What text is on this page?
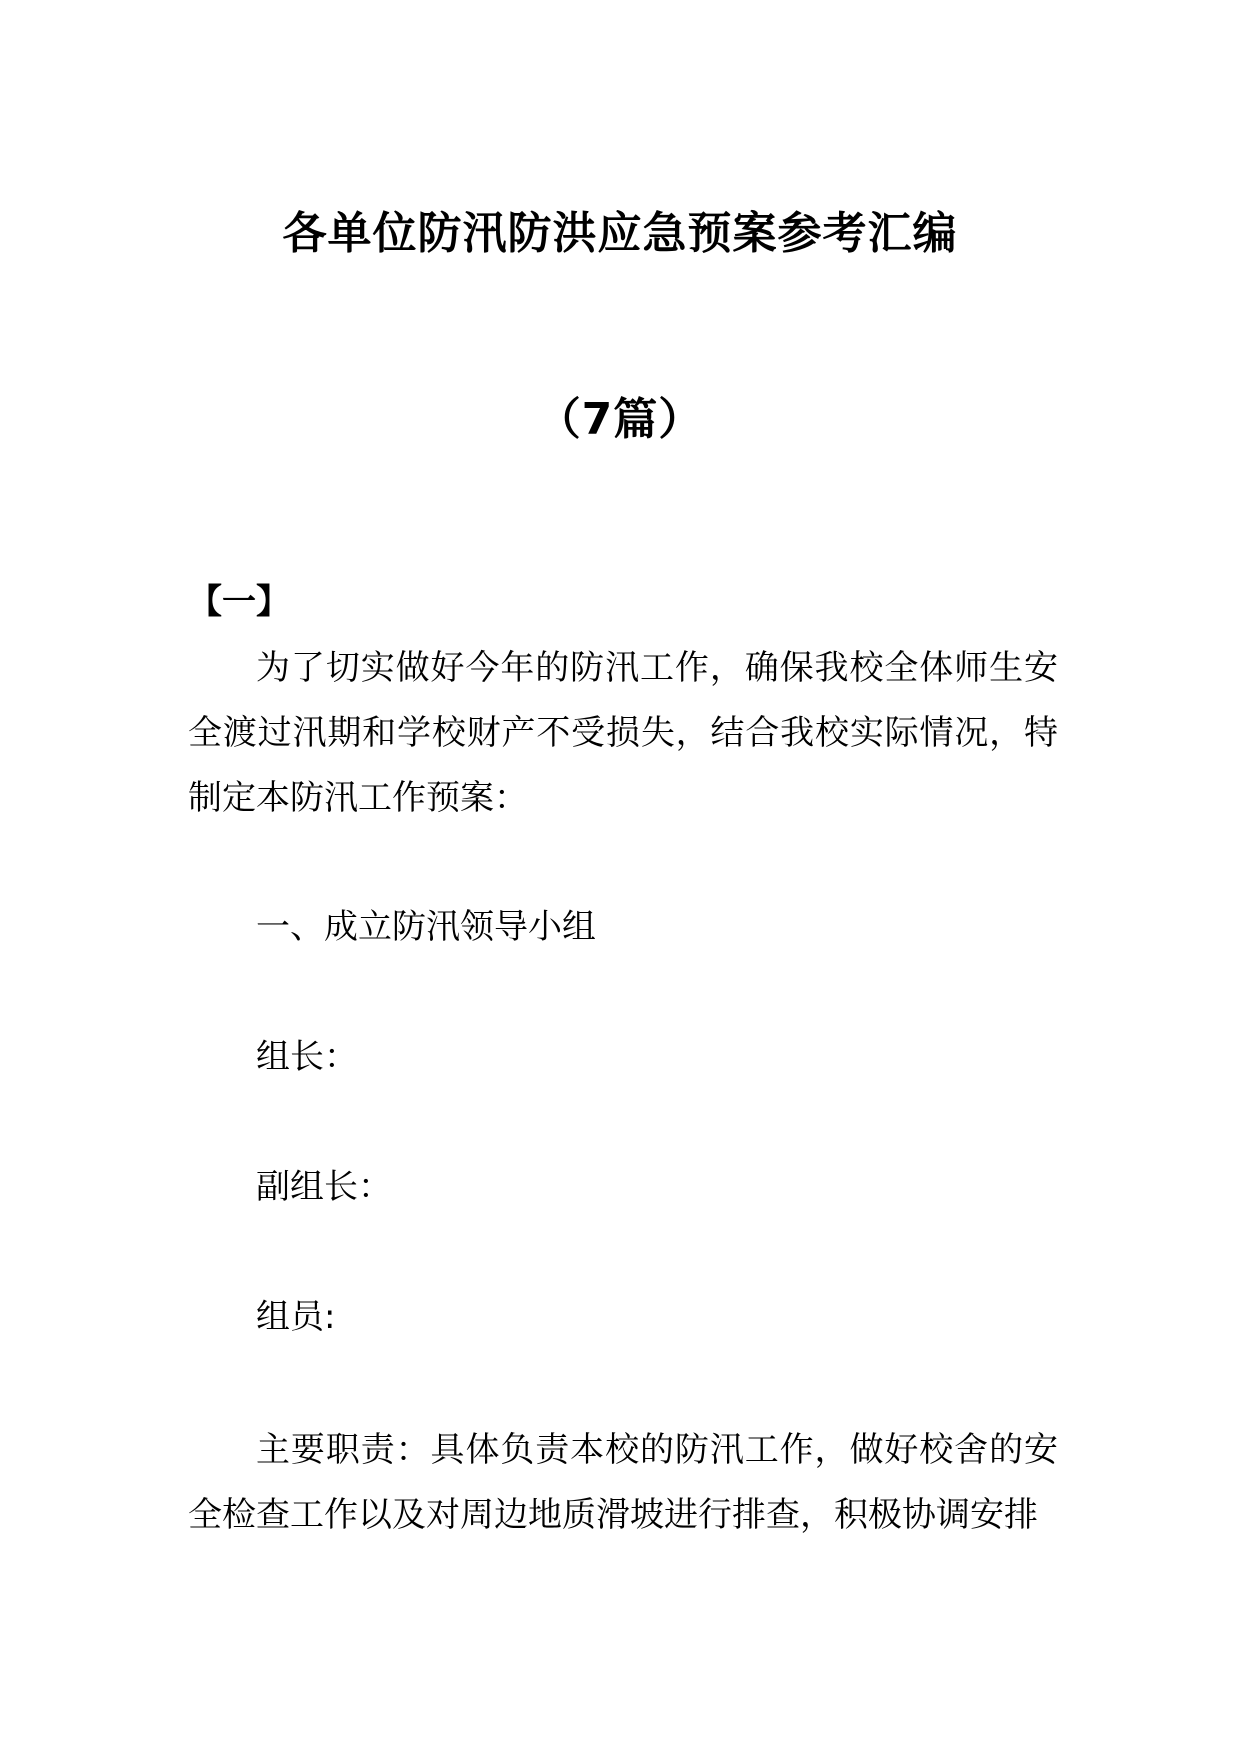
各单位防汛防洪应急预案参考汇编
（7篇）
【一】

为了切实做好今年的防汛工作，确保我校全体师生安全渡过汛期和学校财产不受损失，结合我校实际情况，特制定本防汛工作预案：

一、成立防汛领导小组
组长：
副组长：
组员:

主要职责：具体负责本校的防汛工作，做好校舍的安全检查工作以及对周边地质滑坡进行排查，积极协调安排
